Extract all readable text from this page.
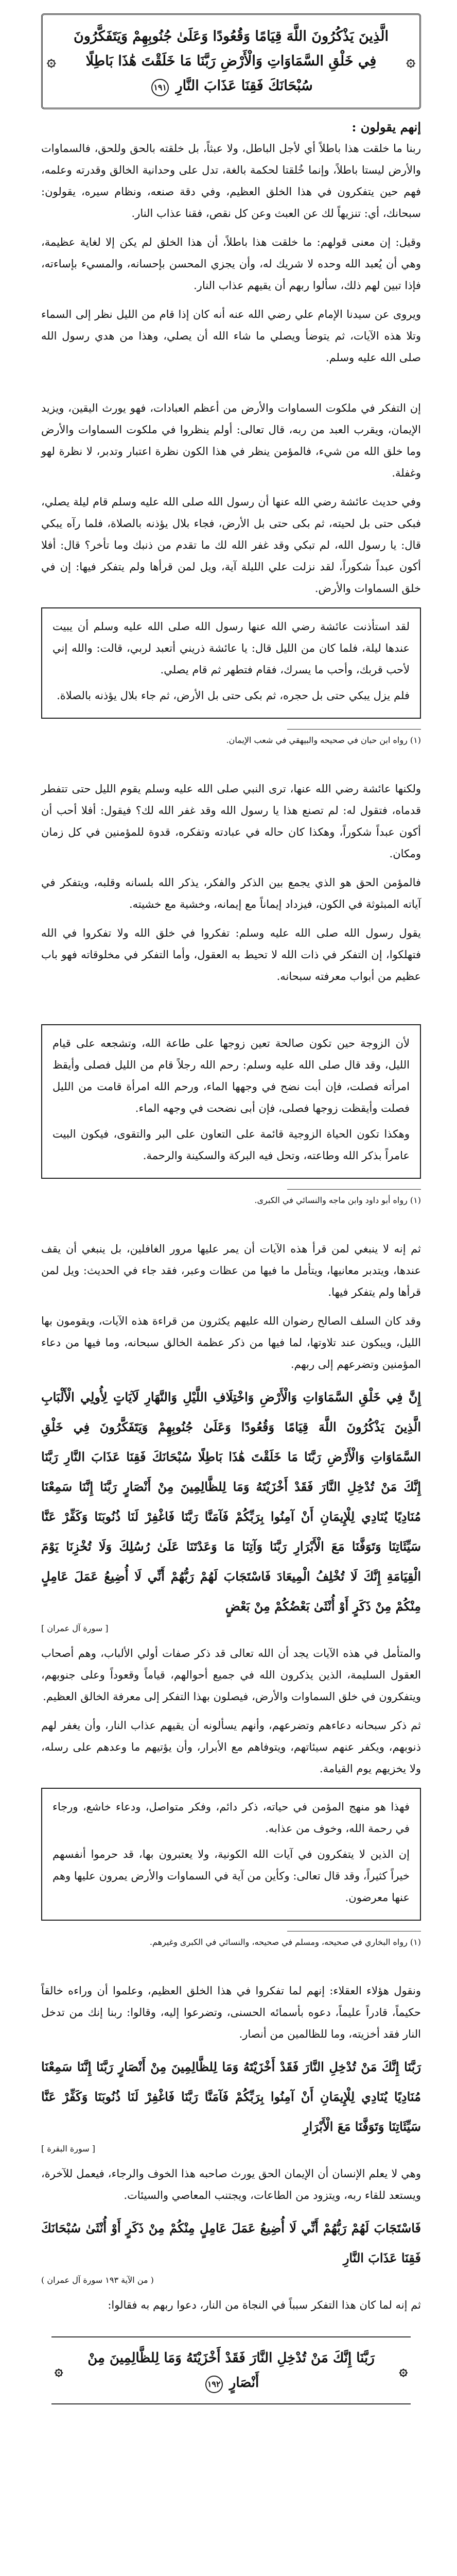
۞
الَّذِينَ يَذْكُرُونَ اللَّهَ قِيَامًا وَقُعُودًا وَعَلَىٰ جُنُوبِهِمْ وَيَتَفَكَّرُونَ فِي خَلْقِ السَّمَاوَاتِ وَالْأَرْضِ رَبَّنَا مَا خَلَقْتَ هَٰذَا بَاطِلًا سُبْحَانَكَ فَقِنَا عَذَابَ النَّارِ ١٩١
۞
إنهم يقولون :

ربنا ما خلقت هذا باطلاً أي لأجل الباطل، ولا عبثاً، بل خلقته بالحق وللحق، فالسماوات والأرض ليستا باطلاً، وإنما خُلقتا لحكمة بالغة، تدل على وحدانية الخالق وقدرته وعلمه، فهم حين يتفكرون في هذا الخلق العظيم، وفي دقة صنعه، ونظام سيره، يقولون: سبحانك، أي: تنزيهاً لك عن العبث وعن كل نقص، فقنا عذاب النار.

وقيل: إن معنى قولهم: ما خلقت هذا باطلاً، أن هذا الخلق لم يكن إلا لغاية عظيمة، وهي أن يُعبد الله وحده لا شريك له، وأن يجزي المحسن بإحسانه، والمسيء بإساءته، فإذا تبين لهم ذلك، سألوا ربهم أن يقيهم عذاب النار.

ويروى عن سيدنا الإمام علي رضي الله عنه أنه كان إذا قام من الليل نظر إلى السماء وتلا هذه الآيات، ثم يتوضأ ويصلي ما شاء الله أن يصلي، وهذا من هدي رسول الله صلى الله عليه وسلم.

إن التفكر في ملكوت السماوات والأرض من أعظم العبادات، فهو يورث اليقين، ويزيد الإيمان، ويقرب العبد من ربه، قال تعالى: أولم ينظروا في ملكوت السماوات والأرض وما خلق الله من شيء، فالمؤمن ينظر في هذا الكون نظرة اعتبار وتدبر، لا نظرة لهو وغفلة.

وفي حديث عائشة رضي الله عنها أن رسول الله صلى الله عليه وسلم قام ليلة يصلي، فبكى حتى بل لحيته، ثم بكى حتى بل الأرض، فجاء بلال يؤذنه بالصلاة، فلما رآه يبكي قال: يا رسول الله، لم تبكي وقد غفر الله لك ما تقدم من ذنبك وما تأخر؟ قال: أفلا أكون عبداً شكوراً، لقد نزلت علي الليلة آية، ويل لمن قرأها ولم يتفكر فيها: إن في خلق السماوات والأرض.

لقد استأذنت عائشة رضي الله عنها رسول الله صلى الله عليه وسلم أن يبيت عندها ليلة، فلما كان من الليل قال: يا عائشة ذريني أتعبد لربي، قالت: والله إني لأحب قربك، وأحب ما يسرك، فقام فتطهر ثم قام يصلي.

فلم يزل يبكي حتى بل حجره، ثم بكى حتى بل الأرض، ثم جاء بلال يؤذنه بالصلاة.

(١) رواه ابن حبان في صحيحه والبيهقي في شعب الإيمان.

ولكنها عائشة رضي الله عنها، ترى النبي صلى الله عليه وسلم يقوم الليل حتى تتفطر قدماه، فتقول له: لم تصنع هذا يا رسول الله وقد غفر الله لك؟ فيقول: أفلا أحب أن أكون عبداً شكوراً، وهكذا كان حاله في عبادته وتفكره، قدوة للمؤمنين في كل زمان ومكان.

فالمؤمن الحق هو الذي يجمع بين الذكر والفكر، يذكر الله بلسانه وقلبه، ويتفكر في آياته المبثوثة في الكون، فيزداد إيماناً مع إيمانه، وخشية مع خشيته.

يقول رسول الله صلى الله عليه وسلم: تفكروا في خلق الله ولا تفكروا في الله فتهلكوا، إن التفكر في ذات الله لا تحيط به العقول، وأما التفكر في مخلوقاته فهو باب عظيم من أبواب معرفته سبحانه.

لأن الزوجة حين تكون صالحة تعين زوجها على طاعة الله، وتشجعه على قيام الليل، وقد قال صلى الله عليه وسلم: رحم الله رجلاً قام من الليل فصلى وأيقظ امرأته فصلت، فإن أبت نضح في وجهها الماء، ورحم الله امرأة قامت من الليل فصلت وأيقظت زوجها فصلى، فإن أبى نضحت في وجهه الماء.

وهكذا تكون الحياة الزوجية قائمة على التعاون على البر والتقوى، فيكون البيت عامراً بذكر الله وطاعته، وتحل فيه البركة والسكينة والرحمة.

(١) رواه أبو داود وابن ماجه والنسائي في الكبرى.

ثم إنه لا ينبغي لمن قرأ هذه الآيات أن يمر عليها مرور الغافلين، بل ينبغي أن يقف عندها، ويتدبر معانيها، ويتأمل ما فيها من عظات وعبر، فقد جاء في الحديث: ويل لمن قرأها ولم يتفكر فيها.

وقد كان السلف الصالح رضوان الله عليهم يكثرون من قراءة هذه الآيات، ويقومون بها الليل، ويبكون عند تلاوتها، لما فيها من ذكر عظمة الخالق سبحانه، وما فيها من دعاء المؤمنين وتضرعهم إلى ربهم.

إِنَّ فِي خَلْقِ السَّمَاوَاتِ وَالْأَرْضِ وَاخْتِلَافِ اللَّيْلِ وَالنَّهَارِ لَآيَاتٍ لِأُولِي الْأَلْبَابِ الَّذِينَ يَذْكُرُونَ اللَّهَ قِيَامًا وَقُعُودًا وَعَلَىٰ جُنُوبِهِمْ وَيَتَفَكَّرُونَ فِي خَلْقِ السَّمَاوَاتِ وَالْأَرْضِ رَبَّنَا مَا خَلَقْتَ هَٰذَا بَاطِلًا سُبْحَانَكَ فَقِنَا عَذَابَ النَّارِ رَبَّنَا إِنَّكَ مَنْ تُدْخِلِ النَّارَ فَقَدْ أَخْزَيْتَهُ وَمَا لِلظَّالِمِينَ مِنْ أَنْصَارٍ رَبَّنَا إِنَّنَا سَمِعْنَا مُنَادِيًا يُنَادِي لِلْإِيمَانِ أَنْ آمِنُوا بِرَبِّكُمْ فَآمَنَّا رَبَّنَا فَاغْفِرْ لَنَا ذُنُوبَنَا وَكَفِّرْ عَنَّا سَيِّئَاتِنَا وَتَوَفَّنَا مَعَ الْأَبْرَارِ رَبَّنَا وَآتِنَا مَا وَعَدْتَنَا عَلَىٰ رُسُلِكَ وَلَا تُخْزِنَا يَوْمَ الْقِيَامَةِ إِنَّكَ لَا تُخْلِفُ الْمِيعَادَ فَاسْتَجَابَ لَهُمْ رَبُّهُمْ أَنِّي لَا أُضِيعُ عَمَلَ عَامِلٍ مِنْكُمْ مِنْ ذَكَرٍ أَوْ أُنْثَىٰ بَعْضُكُمْ مِنْ بَعْضٍ

[ سورة آل عمران ]

والمتأمل في هذه الآيات يجد أن الله تعالى قد ذكر صفات أولي الألباب، وهم أصحاب العقول السليمة، الذين يذكرون الله في جميع أحوالهم، قياماً وقعوداً وعلى جنوبهم، ويتفكرون في خلق السماوات والأرض، فيصلون بهذا التفكر إلى معرفة الخالق العظيم.

ثم ذكر سبحانه دعاءهم وتضرعهم، وأنهم يسألونه أن يقيهم عذاب النار، وأن يغفر لهم ذنوبهم، ويكفر عنهم سيئاتهم، ويتوفاهم مع الأبرار، وأن يؤتيهم ما وعدهم على رسله، ولا يخزيهم يوم القيامة.

فهذا هو منهج المؤمن في حياته، ذكر دائم، وفكر متواصل، ودعاء خاشع، ورجاء في رحمة الله، وخوف من عذابه.

إن الذين لا يتفكرون في آيات الله الكونية، ولا يعتبرون بها، قد حرموا أنفسهم خيراً كثيراً، وقد قال تعالى: وكأين من آية في السماوات والأرض يمرون عليها وهم عنها معرضون.

(١) رواه البخاري في صحيحه، ومسلم في صحيحه، والنسائي في الكبرى وغيرهم.

ونقول هؤلاء العقلاء: إنهم لما تفكروا في هذا الخلق العظيم، وعلموا أن وراءه خالقاً حكيماً، قادراً عليماً، دعوه بأسمائه الحسنى، وتضرعوا إليه، وقالوا: ربنا إنك من تدخل النار فقد أخزيته، وما للظالمين من أنصار.

رَبَّنَا إِنَّكَ مَنْ تُدْخِلِ النَّارَ فَقَدْ أَخْزَيْتَهُ وَمَا لِلظَّالِمِينَ مِنْ أَنْصَارٍ رَبَّنَا إِنَّنَا سَمِعْنَا مُنَادِيًا يُنَادِي لِلْإِيمَانِ أَنْ آمِنُوا بِرَبِّكُمْ فَآمَنَّا رَبَّنَا فَاغْفِرْ لَنَا ذُنُوبَنَا وَكَفِّرْ عَنَّا سَيِّئَاتِنَا وَتَوَفَّنَا مَعَ الْأَبْرَارِ

[ سورة البقرة ]

وهي لا يعلم الإنسان أن الإيمان الحق يورث صاحبه هذا الخوف والرجاء، فيعمل للآخرة، ويستعد للقاء ربه، ويتزود من الطاعات، ويجتنب المعاصي والسيئات.

فَاسْتَجَابَ لَهُمْ رَبُّهُمْ أَنِّي لَا أُضِيعُ عَمَلَ عَامِلٍ مِنْكُمْ مِنْ ذَكَرٍ أَوْ أُنْثَىٰ سُبْحَانَكَ فَقِنَا عَذَابَ النَّارِ

( من الآية ١٩٣ سورة آل عمران )

ثم إنه لما كان هذا التفكر سبباً في النجاة من النار، دعوا ربهم به فقالوا:

۞
رَبَّنَا إِنَّكَ مَنْ تُدْخِلِ النَّارَ فَقَدْ أَخْزَيْتَهُ وَمَا لِلظَّالِمِينَ مِنْ أَنْصَارٍ ١٩٢
۞
